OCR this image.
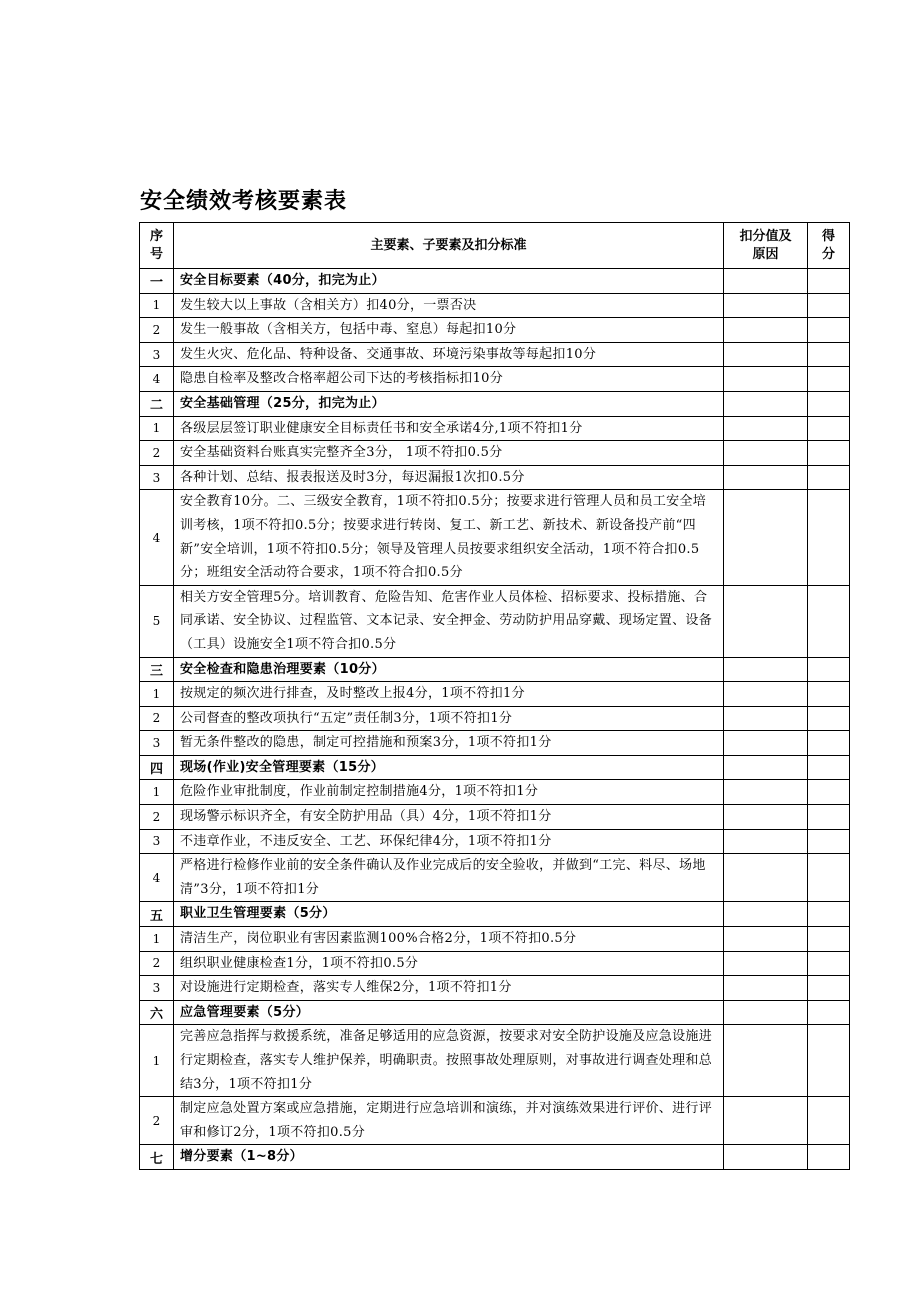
安全绩效考核要素表
序号	主要素、子要素及扣分标准	扣分值及原因	得分
一	安全目标要素（40分，扣完为止）		
1	发生较大以上事故（含相关方）扣40分，一票否决		
2	发生一般事故（含相关方，包括中毒、窒息）每起扣10分		
3	发生火灾、危化品、特种设备、交通事故、环境污染事故等每起扣10分		
4	隐患自检率及整改合格率超公司下达的考核指标扣10分		
二	安全基础管理（25分，扣完为止）		
1	各级层层签订职业健康安全目标责任书和安全承诺4分,1项不符扣1分		
2	安全基础资料台账真实完整齐全3分， 1项不符扣0.5分		
3	各种计划、总结、报表报送及时3分，每迟漏报1次扣0.5分		
4	安全教育10分。二、三级安全教育，1项不符扣0.5分；按要求进行管理人员和员工安全培训考核，1项不符扣0.5分；按要求进行转岗、复工、新工艺、新技术、新设备投产前“四新”安全培训，1项不符扣0.5分；领导及管理人员按要求组织安全活动，1项不符合扣0.5分；班组安全活动符合要求，1项不符合扣0.5分		
5	相关方安全管理5分。培训教育、危险告知、危害作业人员体检、招标要求、投标措施、合同承诺、安全协议、过程监管、文本记录、安全押金、劳动防护用品穿戴、现场定置、设备（工具）设施安全1项不符合扣0.5分		
三	安全检查和隐患治理要素（10分）		
1	按规定的频次进行排查，及时整改上报4分，1项不符扣1分		
2	公司督查的整改项执行“五定”责任制3分，1项不符扣1分		
3	暂无条件整改的隐患，制定可控措施和预案3分，1项不符扣1分		
四	现场(作业)安全管理要素（15分）		
1	危险作业审批制度，作业前制定控制措施4分，1项不符扣1分		
2	现场警示标识齐全，有安全防护用品（具）4分，1项不符扣1分		
3	不违章作业，不违反安全、工艺、环保纪律4分，1项不符扣1分		
4	严格进行检修作业前的安全条件确认及作业完成后的安全验收，并做到“工完、料尽、场地清”3分，1项不符扣1分		
五	职业卫生管理要素（5分）		
1	清洁生产，岗位职业有害因素监测100%合格2分，1项不符扣0.5分		
2	组织职业健康检查1分，1项不符扣0.5分		
3	对设施进行定期检查，落实专人维保2分，1项不符扣1分		
六	应急管理要素（5分）		
1	完善应急指挥与救援系统，准备足够适用的应急资源，按要求对安全防护设施及应急设施进行定期检查，落实专人维护保养，明确职责。按照事故处理原则，对事故进行调查处理和总结3分，1项不符扣1分		
2	制定应急处置方案或应急措施，定期进行应急培训和演练，并对演练效果进行评价、进行评审和修订2分，1项不符扣0.5分		
七	增分要素（1~8分）		
